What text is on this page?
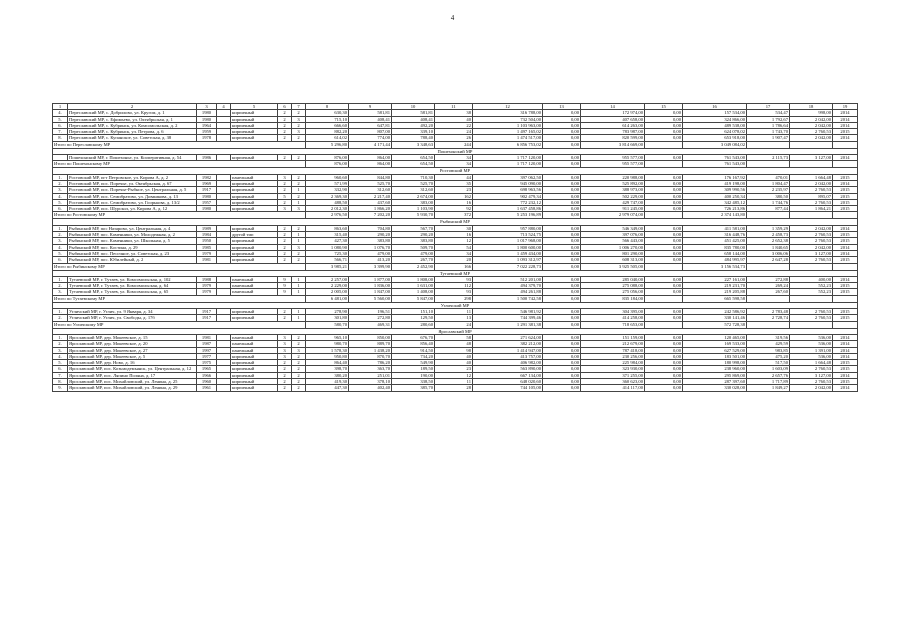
4
1	2	3	4	5	6	7	8	9	10	11	12	13	14	15	16	17	18	19
4.	Переславский МР, с. Добрилово, ул. Кругом, д. 1	1980		кирпичный	2	2	630,30	581,81	581,81	38	316 788,00	0,00	172 974,00	0,00	157 534,00	534,47	998,00	2014
5.	Переславский МР, с. Ефимьево, ул. Октябрьская, д. 1	1980		кирпичный	2	3	715,10	408,41	408,41	40	732 504,00	0,00	407 658,00	0,00	324 866,00	1 792,67	2 042,00	2014
6.	Переславский МР, с. Кубринск, ул. Комсомольская, д. 2	1964		кирпичный	2	2	666,60	647,81	492,20	22	1 103 963,00	0,00	614 263,00	0,00	489 538,00	1 786,64	2 042,00	2014
7.	Переславский МР, с. Кубринск, ул. Петрова, д. 6	1959		кирпичный	2	3	882,20	807,00	339,10	24	1 497 165,02	0,00	783 987,00	0,00	624 078,02	1 743,70	2 760,53	2015
8.	Переславский МР, с. Купанское, ул. Советская, д. 38	1978		кирпичный	2	2	614,02	774,00	788,40	26	1 474 517,00	0,00	820 599,00	0,00	653 918,00	1 907,47	2 042,00	2014
Итого по Переславскому МР							5 296,80	4 171,44	3 348,63	244	6 856 753,02	0,00	3 814 669,00		3 049 084,02			
Пошехонский МР																		
	Пошехонский МР, г. Пошехонье, ул. Кооперативная, д. 54	1986		кирпичный	2	2	876,00	864,00	654,50	34	1 717 120,00	0,00	955 577,00	0,00	761 543,00	2 115,73	3 127,00	2014
Итого по Пошехонскому МР							876,00	864,00	654,50	34	1 717 120,00	0,00	955 577,00		761 543,00			
Ростовский МР																		
1.	Ростовский МР, пгт Петровское, ул. Кирова А, д. 2	1982		панельный	3	2	960,60	844,80	710,30	44	397 062,50	0,00	220 988,00	0,00	176 167,92	470,01	1 664,48	2015
2.	Ростовский МР, пос. Поречье, ул. Октябрьская, д. 67	1969		кирпичный	2	2	571,99	525,70	525,70	35	945 090,00	0,00	525 892,00	0,00	419 198,00	1 804,47	2 042,00	2014
3.	Ростовский МР, пос. Поречье-Рыбное, ул. Центральная, д. 5	1917		кирпичный	2	1	332,90	312,60	312,60	23	698 963,56	0,00	388 973,00	0,00	309 990,56	2 235,97	2 760,53	2015
4.	Ростовский МР, пос. Семибратово, ул. Довжикова, д. 13	1980		кирпичный	5	2	2 369,30	2 217,40	2 674,00	162	902 479,34	0,00	502 229,00	0,00	400 250,34	380,50	895,07	2015
5.	Ростовский МР, пос. Семибратово, ул. Гоорькова, д. 13/2	1957		кирпичный	2	1	488,50	437,60	383,00	16	772 232,12	0,00	429 747,00	0,00	342 485,12	1 744,76	2 760,53	2015
6.	Ростовский МР, пос. Шурскол, ул. Кирова А, д. 12	1980		кирпичный	3	3	2 012,30	1 866,20	1 103,90	92	1 637 458,86	0,00	911 245,00	0,00	726 213,86	877,44	1 864,21	2015
Итого по Ростовскому МР							2 976,50	7 202,20	5 930,70	372	5 253 196,89	0,00	2 979 074,00		2 374 143,80			
Рыбинский МР																		
1.	Рыбинский МР, пос Назарово, ул. Центральная, д. 4	1989		кирпичный	2	2	863,60	704,80	567,70	30	957 880,00	0,00	546 349,00	0,00	411 581,00	1 359,29	2 042,00	2014
2.	Рыбинский МР, пос. Каменники, ул. Молодежная, д. 2	1984		другой тип	2	1	315,40	290,20	290,20	16	713 524,75	0,00	397 076,00	0,00	316 448,76	2 458,73	2 760,53	2015
3.	Рыбинский МР, пос. Каменники, ул. Школьная, д. 5	1950		кирпичный	2	1	427,30	383,80	383,80	12	1 017 968,00	0,00	566 443,00	0,00	451 425,00	2 652,38	2 760,53	2015
4.	Рыбинский МР, пос. Костина, д. 29	1985		кирпичный	2	3	1 080,90	1 076,70	509,70	54	1 800 600,00	0,00	1 006 270,00	0,00	835 780,00	1 840,65	2 042,00	2014
5.	Рыбинский МР, пос. Песочное, ул. Советская, д. 23	1979		кирпичный	2	2	725,30	479,00	479,00	34	1 459 434,00	0,00	801 290,00	0,00	658 144,00	3 006,06	3 127,00	2014
6.	Рыбинский МР, пос. Юбилейный, д. 2	1981		кирпичный	2	2	566,71	413,20	267,70	20	1 093 312,97	0,00	608 313,00	0,00	484 995,97	2 647,28	2 760,53	2015
Итого по Рыбинскому МР							3 985,21	3 399,90	2 452,90	166	7 022 228,73	0,00	3 925 505,00		3 156 534,73			
Тутаевский МР																		
1.	Тутаевский МР, г. Тутаев, ул. Комсомольская, д. 102	1988		панельный	9	1	2 257,00	1 877,00	1 808,00	93	512 201,00	0,00	285 040,00	0,00	227 161,00	272,88	400,00	2014
2.	Тутаевский МР, г. Тутаев, ул. Комсомольская, д. 64	1979		панельный	9	1	2 229,00	1 836,00	1 631,00	112	494 379,70	0,00	275 088,00	0,00	219 231,70	269,24	552,23	2015
3.	Тутаевский МР, г. Тутаев, ул. Комсомольская, д. 65	1979		панельный	9	1	2 005,00	1 847,00	1 408,00	93	494 261,88	0,00	275 056,00	0,00	219 205,88	267,60	552,23	2015
Итого по Тутаевскому МР							6 481,00	5 560,00	5 847,00	298	1 500 742,58	0,00	835 184,00		665 598,58			
Угличский МР																		
1.	Угличский МР, г. Углич, ул. 9 Января, д. 34	1917		кирпичный	2	1	278,90	196,51	151,10	11	546 981,92	0,00	304 395,00	0,00	242 586,92	2 783,48	2 760,53	2015
2.	Угличский МР, г. Углич, ул. Свободы, д. 17б	1917		кирпичный	2	1	301,80	272,80	129,50	13	744 399,46	0,00	414 258,00	0,00	330 141,46	2 728,74	2 760,53	2015
Итого по Угличскому МР							580,70	469,31	280,60	24	1 291 381,38	0,00	718 653,00		572 728,38			
Ярославский МР																		
1.	Ярославский МР, дер. Мокеевское, д. 15	1981		панельный	3	2	965,10	850,00	676,70	58	271 624,00	0,00	151 159,00	0,00	120 465,00	319,56	536,00	2014
2.	Ярославский МР, дер. Мокеевское, д. 20	1987		панельный	3	2	980,70	889,70	856,40	48	382 212,00	0,00	212 679,00	0,00	169 533,00	429,59	536,00	2014
3.	Ярославский МР, дер. Мокеевское, д. 27	1997		панельный	3	3	1 578,30	1 438,20	914,50	98	1 414 947,00	0,00	787 418,00	0,00	627 529,00	983,85	1 391,00	2014
4.	Ярославский МР, дер. Мокеевское, д. 5	1977		кирпичный	3	2	950,80	870,70	734,20	40	413 757,00	0,00	230 256,00	0,00	183 501,00	475,20	536,00	2014
5.	Ярославский МР, дер. Ново, д. 16	1975		кирпичный	2	2	864,40	786,20	549,90	40	406 982,00	0,00	225 984,00	0,00	180 998,00	517,50	1 664,48	2015
6.	Ярославский МР, пос. Козьмодемьянск, ул. Центральная, д. 12	1965		кирпичный	2	2	398,70	363,70	189,50	23	563 890,00	0,00	323 930,00	0,00	238 960,00	1 603,09	2 760,53	2015
7.	Ярославский МР, пос. Ляпино Поляна, д. 17	1966		кирпичный	2	2	380,20	251,01	190,00	12	667 134,00	0,00	371 255,00	0,00	295 869,00	2 657,76	3 127,00	2014
8.	Ярославский МР, пос. Михайловский, ул. Ленина, д. 25	1960		кирпичный	2	2	419,30	378,10	338,50	11	648 020,60	0,00	360 623,00	0,00	287 397,60	1 717,89	2 760,53	2015
9.	Ярославский МР, пос. Михайловский, ул. Ленина, д. 29	1961		кирпичный	2	2	447,30	402,40	385,70	28	744 105,00	0,00	414 117,00	0,00	330 028,00	1 849,27	2 042,00	2014
